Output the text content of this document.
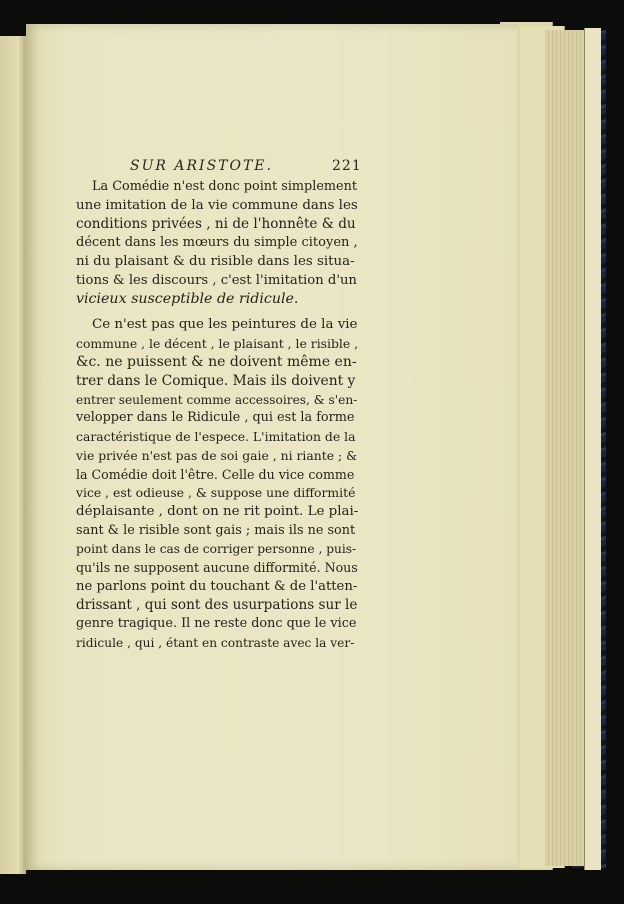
SUR ARISTOTE.	221
La Comédie n'est donc point simplement
une imitation de la vie commune dans les
conditions privées , ni de l'honnête & du
décent dans les mœurs du simple citoyen ,
ni du plaisant & du risible dans les situa-
tions & les discours , c'est l'imitation d'un
vicieux susceptible de ridicule.
Ce n'est pas que les peintures de la vie
commune , le décent , le plaisant , le risible ,
&c. ne puissent & ne doivent même en-
trer dans le Comique. Mais ils doivent y
entrer seulement comme accessoires, & s'en-
velopper dans le Ridicule , qui est la forme
caractéristique de l'espece. L'imitation de la
vie privée n'est pas de soi gaie , ni riante ; &
la Comédie doit l'être. Celle du vice comme
vice , est odieuse , & suppose une difformité
déplaisante , dont on ne rit point. Le plai-
sant & le risible sont gais ; mais ils ne sont
point dans le cas de corriger personne , puis-
qu'ils ne supposent aucune difformité. Nous
ne parlons point du touchant & de l'atten-
drissant , qui sont des usurpations sur le
genre tragique. Il ne reste donc que le vice
ridicule , qui , étant en contraste avec la ver-
